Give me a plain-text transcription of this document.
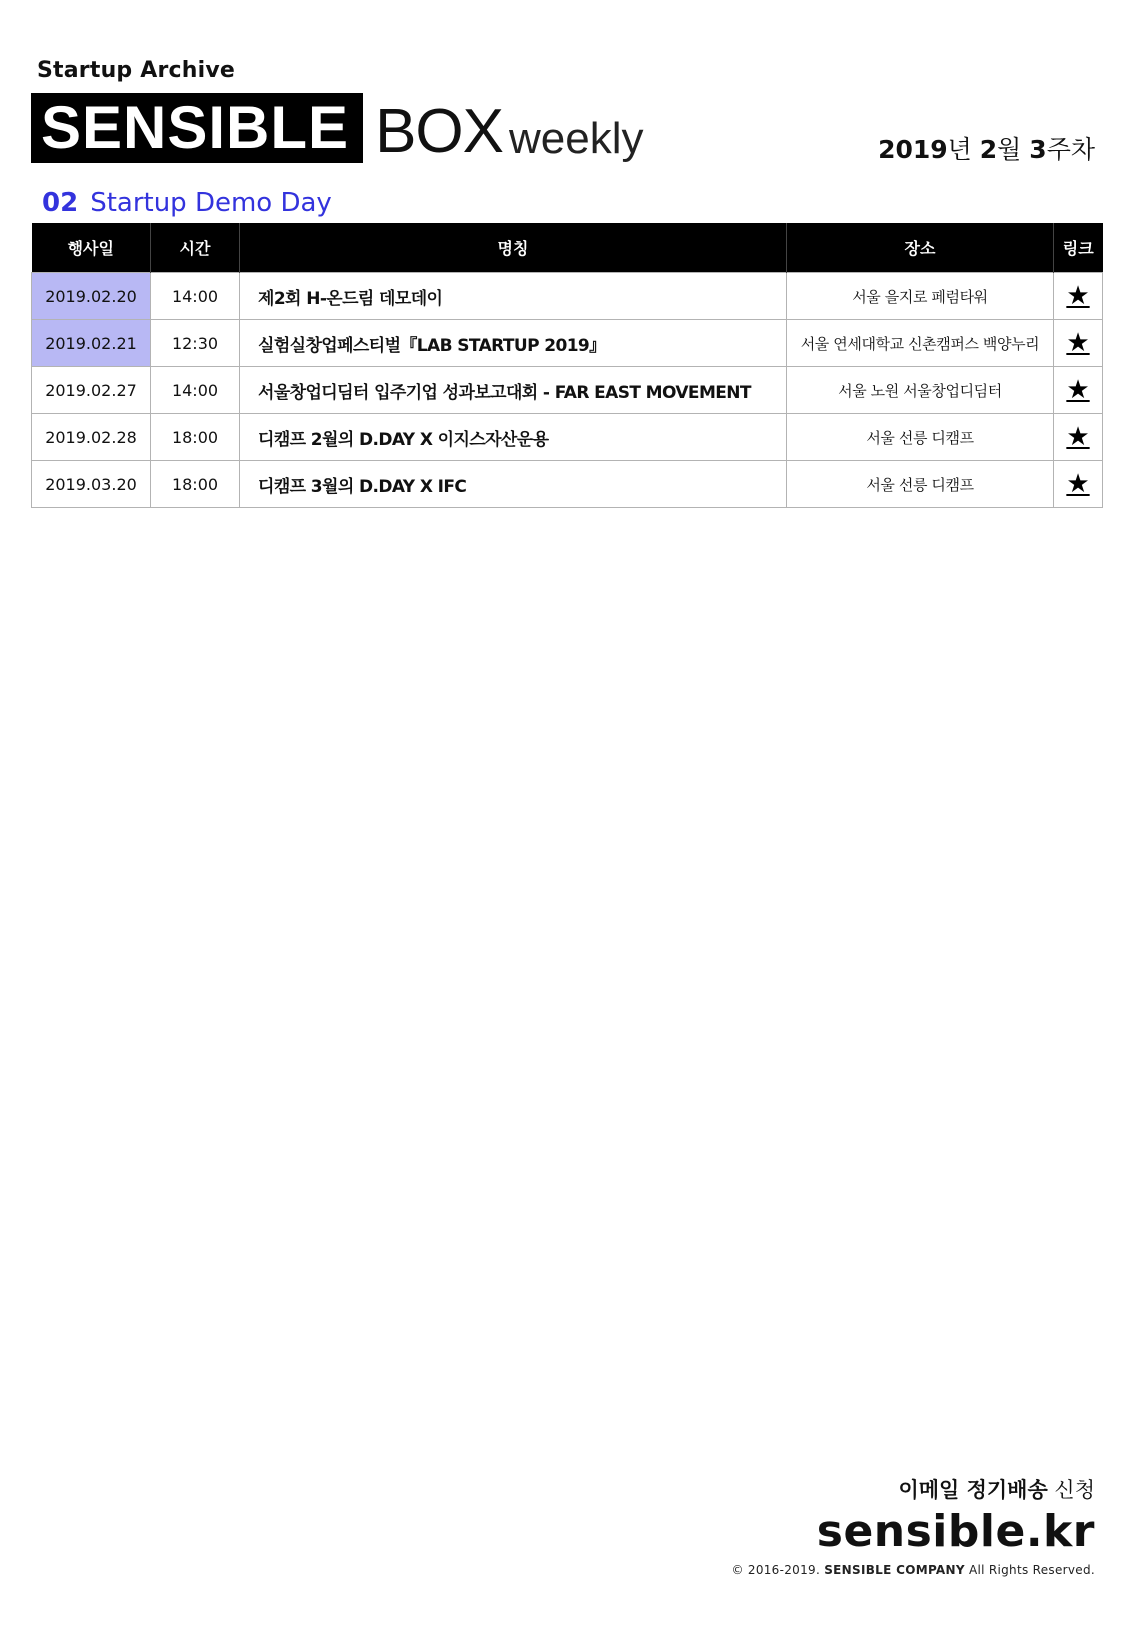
Startup Archive
SENSIBLE BOX weekly	2019년 2월 3주차
02 Startup Demo Day
행사일	시간	명칭	장소	링크
2019.02.20	14:00	제2회 H-온드림 데모데이	서울 을지로 페럼타워	★
2019.02.21	12:30	실험실창업페스티벌『LAB STARTUP 2019』	서울 연세대학교 신촌캠퍼스 백양누리	★
2019.02.27	14:00	서울창업디딤터 입주기업 성과보고대회 - FAR EAST MOVEMENT	서울 노원 서울창업디딤터	★
2019.02.28	18:00	디캠프 2월의 D.DAY X 이지스자산운용	서울 선릉 디캠프	★
2019.03.20	18:00	디캠프 3월의 D.DAY X IFC	서울 선릉 디캠프	★
이메일 정기배송 신청
sensible.kr
© 2016-2019. SENSIBLE COMPANY All Rights Reserved.
